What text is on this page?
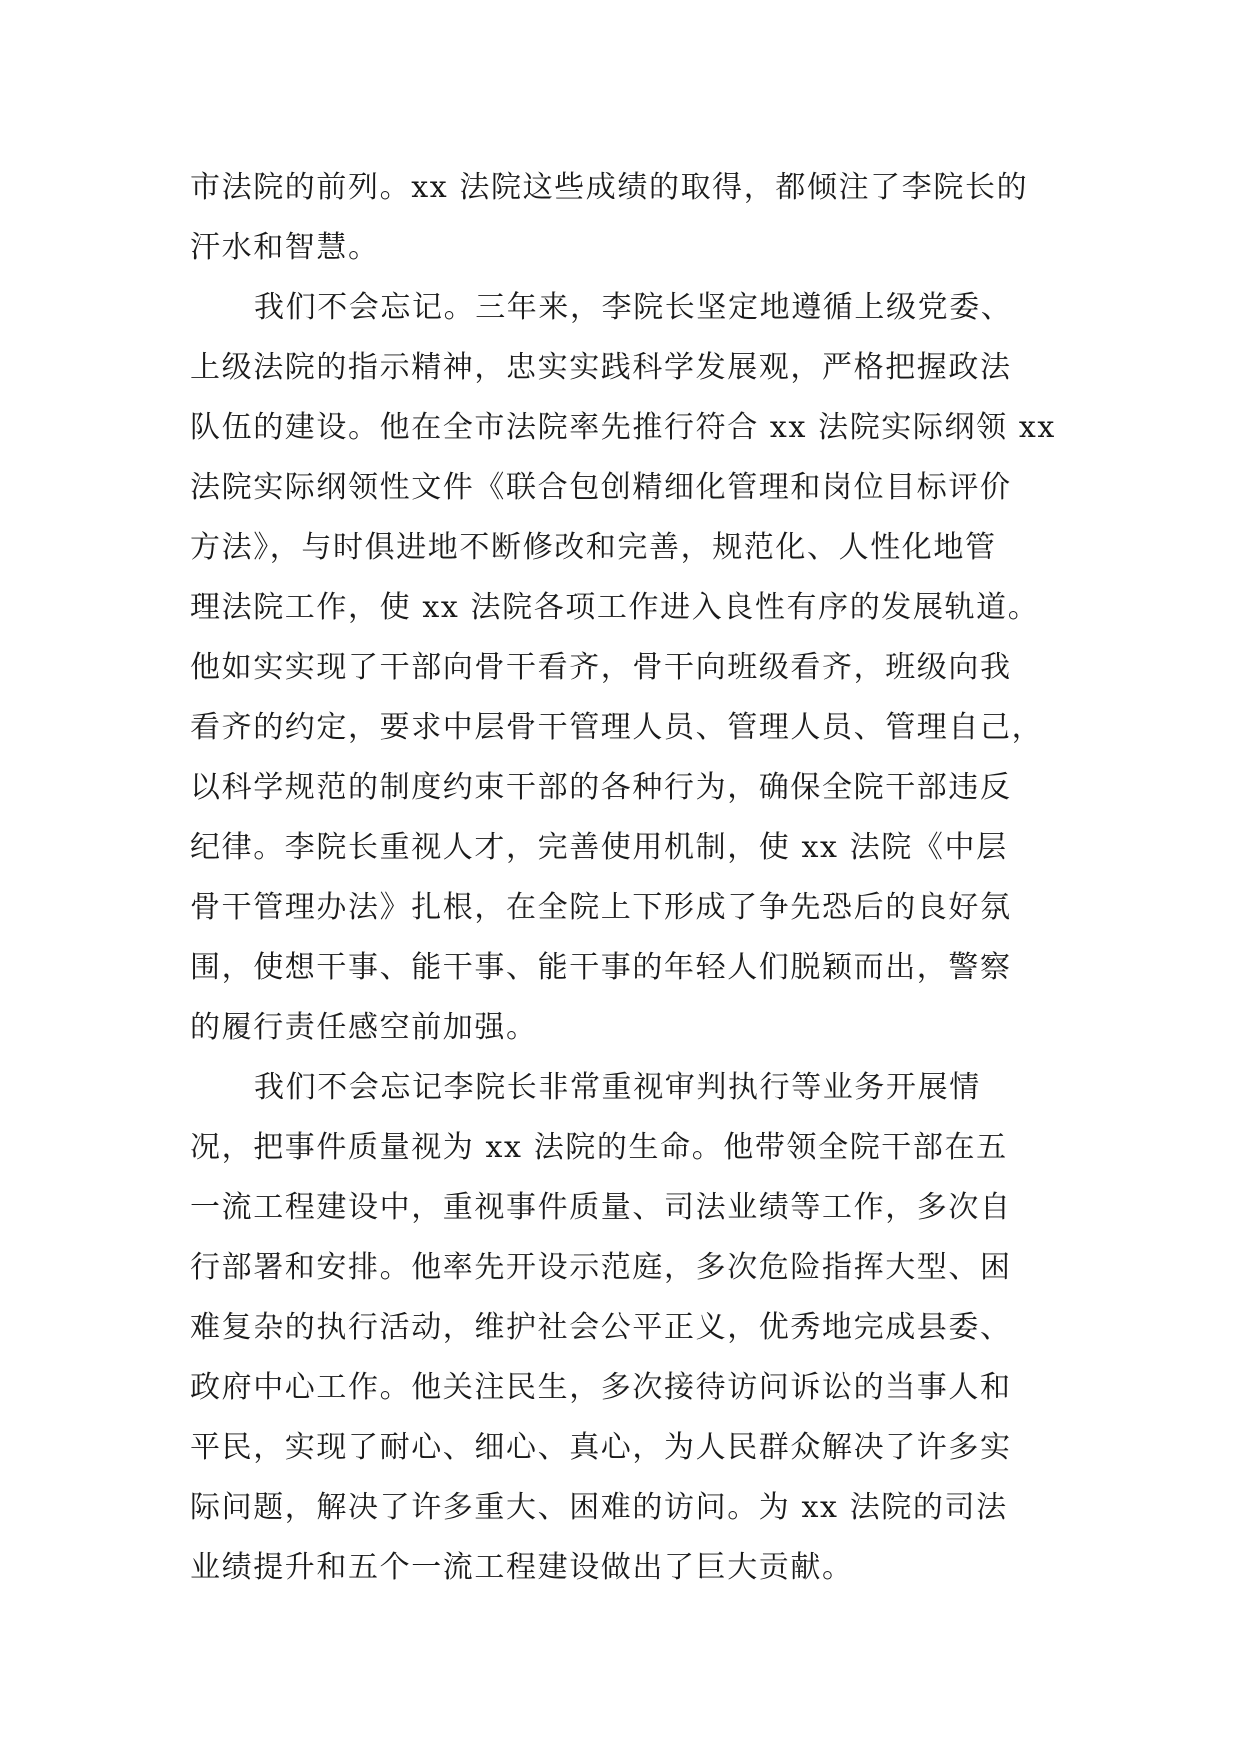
市法院的前列。xx 法院这些成绩的取得，都倾注了李院长的
汗水和智慧。
我们不会忘记。三年来，李院长坚定地遵循上级党委、
上级法院的指示精神，忠实实践科学发展观，严格把握政法
队伍的建设。他在全市法院率先推行符合 xx 法院实际纲领 xx
法院实际纲领性文件《联合包创精细化管理和岗位目标评价
方法》，与时俱进地不断修改和完善，规范化、人性化地管
理法院工作，使 xx 法院各项工作进入良性有序的发展轨道。
他如实实现了干部向骨干看齐，骨干向班级看齐，班级向我
看齐的约定，要求中层骨干管理人员、管理人员、管理自己，
以科学规范的制度约束干部的各种行为，确保全院干部违反
纪律。李院长重视人才，完善使用机制，使 xx 法院《中层
骨干管理办法》扎根，在全院上下形成了争先恐后的良好氛
围，使想干事、能干事、能干事的年轻人们脱颖而出，警察
的履行责任感空前加强。
我们不会忘记李院长非常重视审判执行等业务开展情
况，把事件质量视为 xx 法院的生命。他带领全院干部在五
一流工程建设中，重视事件质量、司法业绩等工作，多次自
行部署和安排。他率先开设示范庭，多次危险指挥大型、困
难复杂的执行活动，维护社会公平正义，优秀地完成县委、
政府中心工作。他关注民生，多次接待访问诉讼的当事人和
平民，实现了耐心、细心、真心，为人民群众解决了许多实
际问题，解决了许多重大、困难的访问。为 xx 法院的司法
业绩提升和五个一流工程建设做出了巨大贡献。
